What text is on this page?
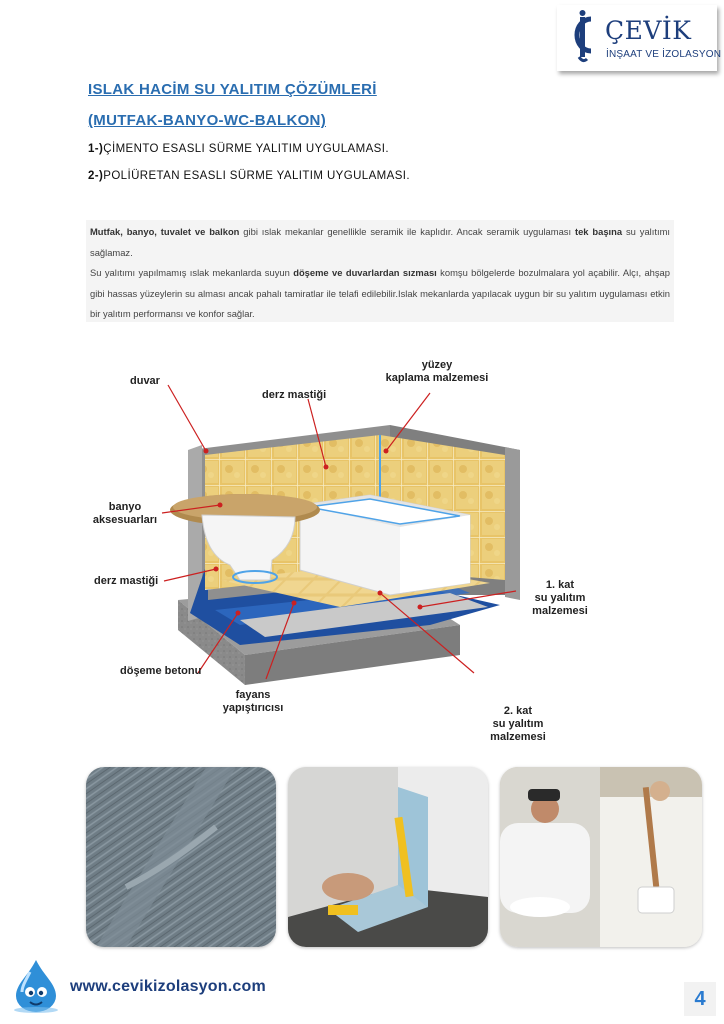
ÇEVİK
İNŞAAT VE İZOLASYON
ISLAK HACİM SU YALITIM ÇÖZÜMLERİ
(MUTFAK-BANYO-WC-BALKON)
1-)ÇİMENTO ESASLI SÜRME YALITIM UYGULAMASI.
2-)POLİÜRETAN ESASLI SÜRME YALITIM UYGULAMASI.
Mutfak, banyo, tuvalet ve balkon gibi ıslak mekanlar genellikle seramik ile kaplıdır. Ancak seramik uygulaması tek başına su yalıtımı sağlamaz.
Su yalıtımı yapılmamış ıslak mekanlarda suyun döşeme ve duvarlardan sızması komşu bölgelerde bozulmalara yol açabilir. Alçı, ahşap gibi hassas yüzeylerin su alması ancak pahalı tamiratlar ile telafi edilebilir.Islak mekanlarda yapılacak uygun bir su yalıtım uygulaması etkin bir yalıtım performansı ve konfor sağlar.
duvar
derz mastiği
yüzey
kaplama malzemesi
banyo
aksesuarları
derz mastiği	1. kat
su yalıtım
malzemesi
döşeme betonu
fayans
yapıştırıcısı	2. kat
su yalıtım
malzemesi
www.cevikizolasyon.com
4
